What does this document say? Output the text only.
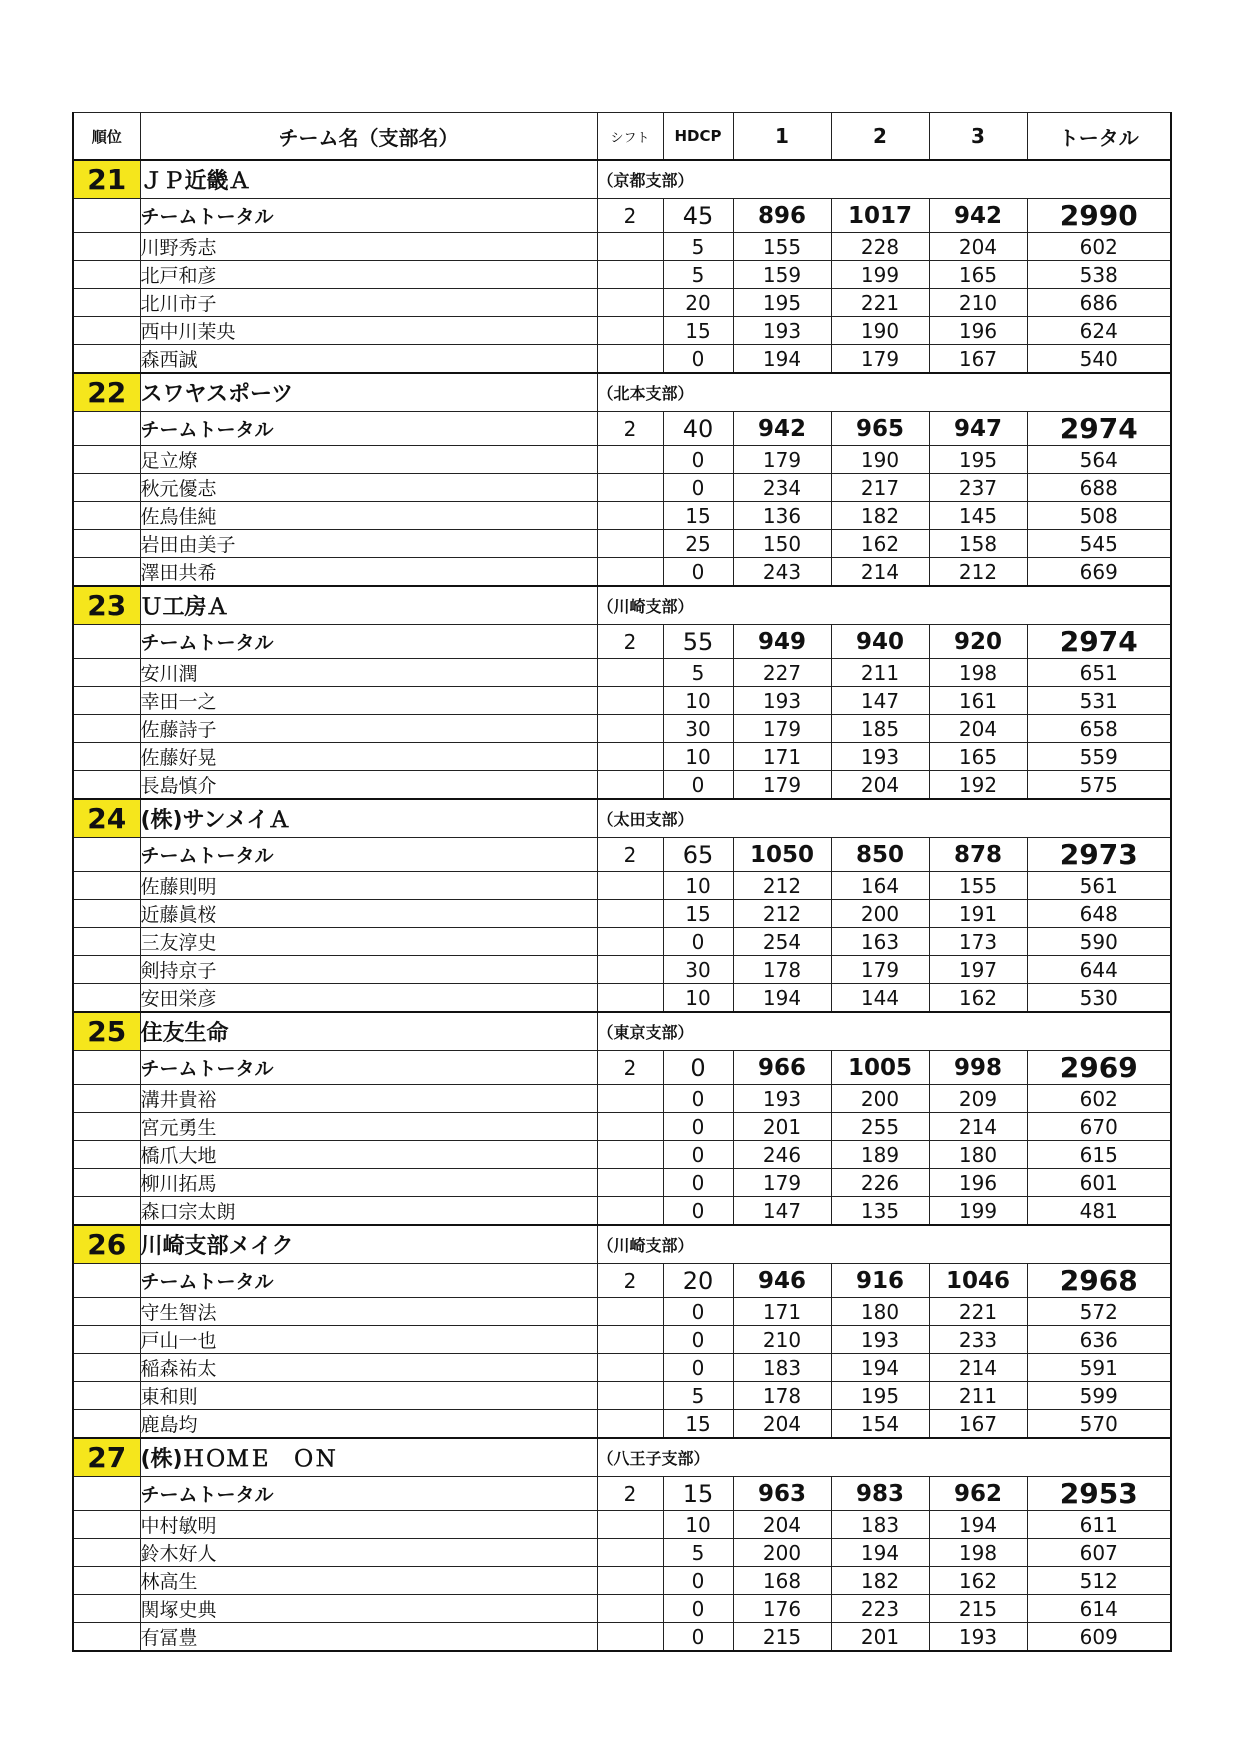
順位	チーム名（支部名）	シフト	HDCP	1	2	3	トータル
21	ＪＰ近畿Ａ	（京都支部）					
	チームトータル	2	45	896	1017	942	2990
	川野秀志		5	155	228	204	602
	北戸和彦		5	159	199	165	538
	北川市子		20	195	221	210	686
	西中川茉央		15	193	190	196	624
	森西誠		0	194	179	167	540
22	スワヤスポーツ	（北本支部）					
	チームトータル	2	40	942	965	947	2974
	足立燎		0	179	190	195	564
	秋元優志		0	234	217	237	688
	佐鳥佳純		15	136	182	145	508
	岩田由美子		25	150	162	158	545
	澤田共希		0	243	214	212	669
23	Ｕ工房Ａ	（川崎支部）					
	チームトータル	2	55	949	940	920	2974
	安川潤		5	227	211	198	651
	幸田一之		10	193	147	161	531
	佐藤詩子		30	179	185	204	658
	佐藤好晃		10	171	193	165	559
	長島慎介		0	179	204	192	575
24	(株)サンメイＡ	（太田支部）					
	チームトータル	2	65	1050	850	878	2973
	佐藤則明		10	212	164	155	561
	近藤眞桜		15	212	200	191	648
	三友淳史		0	254	163	173	590
	剣持京子		30	178	179	197	644
	安田栄彦		10	194	144	162	530
25	住友生命	（東京支部）					
	チームトータル	2	0	966	1005	998	2969
	溝井貴裕		0	193	200	209	602
	宮元勇生		0	201	255	214	670
	橋爪大地		0	246	189	180	615
	柳川拓馬		0	179	226	196	601
	森口宗太朗		0	147	135	199	481
26	川崎支部メイク	（川崎支部）					
	チームトータル	2	20	946	916	1046	2968
	守生智法		0	171	180	221	572
	戸山一也		0	210	193	233	636
	稲森祐太		0	183	194	214	591
	東和則		5	178	195	211	599
	鹿島均		15	204	154	167	570
27	(株)ＨＯＭＥ　ＯＮ	（八王子支部）					
	チームトータル	2	15	963	983	962	2953
	中村敏明		10	204	183	194	611
	鈴木好人		5	200	194	198	607
	林高生		0	168	182	162	512
	関塚史典		0	176	223	215	614
	有冨豊		0	215	201	193	609
